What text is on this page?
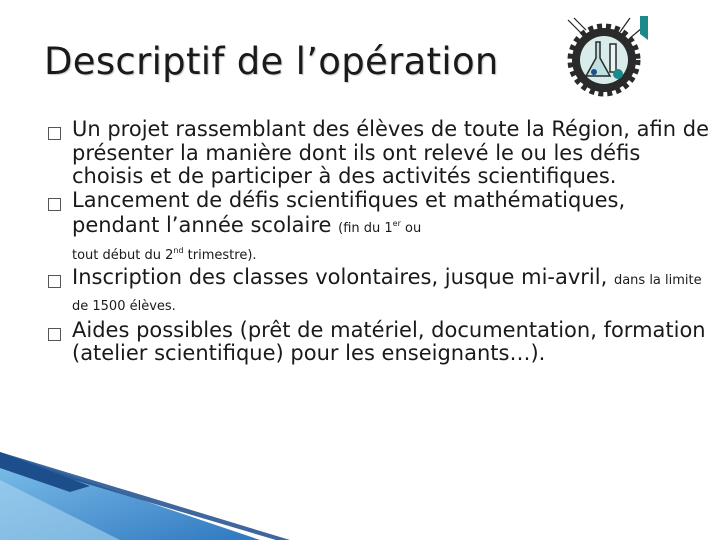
Descriptif de l’opération
Un projet rassemblant des élèves de toute la Région, afin de présenter la manière dont ils ont relevé le ou les défis choisis et de participer à des activités scientifiques.
Lancement de défis scientifiques et mathématiques, pendant l’année scolaire (fin du 1er ou
tout début du 2nd trimestre).
Inscription des classes volontaires, jusque mi-avril, dans la limite de 1500 élèves.
Aides possibles (prêt de matériel, documentation, formation (atelier scientifique) pour les enseignants…).
